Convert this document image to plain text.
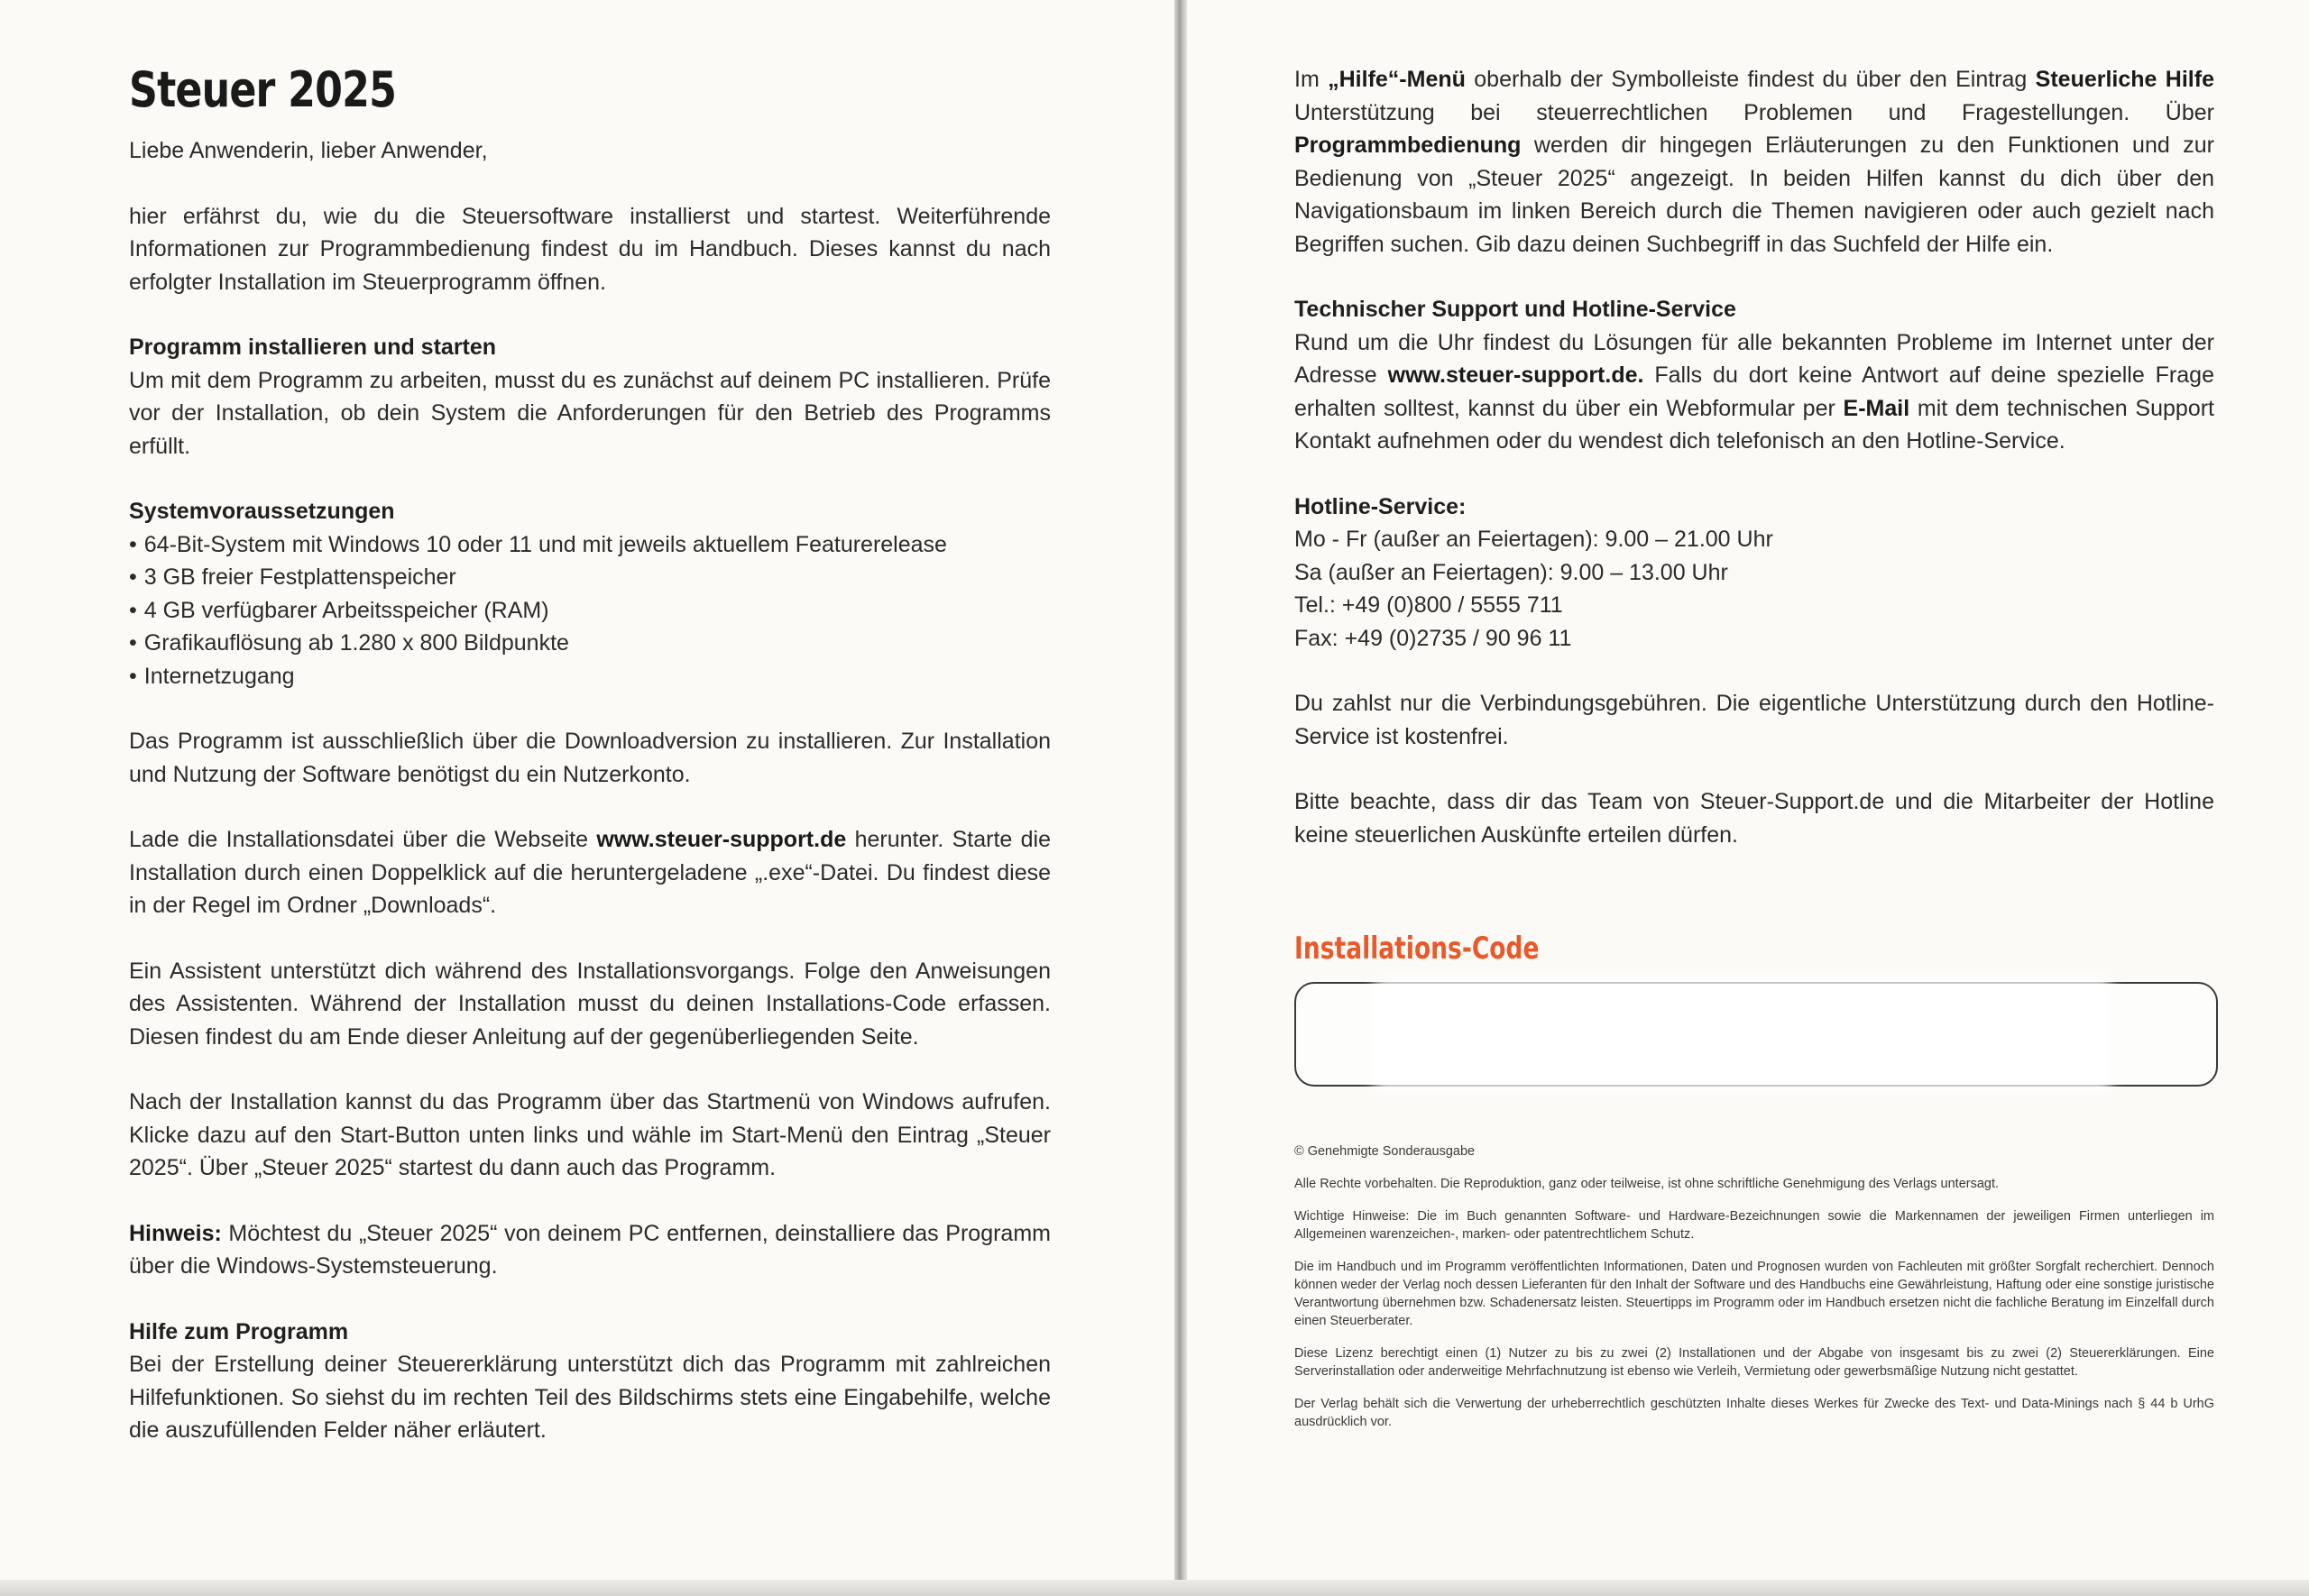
Steuer 2025

Liebe Anwenderin, lieber Anwender,

hier erfährst du, wie du die Steuersoftware installierst und startest. Weiterführende Informationen zur Programmbedienung findest du im Handbuch. Dieses kannst du nach erfolgter Installation im Steuerprogramm öffnen.

Programm installieren und starten

Um mit dem Programm zu arbeiten, musst du es zunächst auf deinem PC installieren. Prüfe vor der Installation, ob dein System die Anforderungen für den Betrieb des Programms erfüllt.

Systemvoraussetzungen

• 64-Bit-System mit Windows 10 oder 11 und mit jeweils aktuellem Featurerelease
• 3 GB freier Festplattenspeicher
• 4 GB verfügbarer Arbeitsspeicher (RAM)
• Grafikauflösung ab 1.280 x 800 Bildpunkte
• Internetzugang

Das Programm ist ausschließlich über die Downloadversion zu installieren. Zur Installation und Nutzung der Software benötigst du ein Nutzerkonto.

Lade die Installationsdatei über die Webseite www.steuer-support.de herunter. Starte die Installation durch einen Doppelklick auf die heruntergeladene „.exe“-Datei. Du findest diese in der Regel im Ordner „Downloads“.

Ein Assistent unterstützt dich während des Installationsvorgangs. Folge den Anweisungen des Assistenten. Während der Installation musst du deinen Installations-Code erfassen. Diesen findest du am Ende dieser Anleitung auf der gegenüberliegenden Seite.

Nach der Installation kannst du das Programm über das Startmenü von Windows aufrufen. Klicke dazu auf den Start-Button unten links und wähle im Start-Menü den Eintrag „Steuer 2025“. Über „Steuer 2025“ startest du dann auch das Programm.

Hinweis: Möchtest du „Steuer 2025“ von deinem PC entfernen, deinstalliere das Programm über die Windows-Systemsteuerung.

Hilfe zum Programm

Bei der Erstellung deiner Steuererklärung unterstützt dich das Programm mit zahlreichen Hilfefunktionen. So siehst du im rechten Teil des Bildschirms stets eine Eingabehilfe, welche die auszufüllenden Felder näher erläutert.

Im „Hilfe“-Menü oberhalb der Symbolleiste findest du über den Eintrag Steuerliche Hilfe Unterstützung bei steuerrechtlichen Problemen und Fragestellungen. Über Programmbedienung werden dir hingegen Erläuterungen zu den Funktionen und zur Bedienung von „Steuer 2025“ angezeigt. In beiden Hilfen kannst du dich über den Navigationsbaum im linken Bereich durch die Themen navigieren oder auch gezielt nach Begriffen suchen. Gib dazu deinen Suchbegriff in das Suchfeld der Hilfe ein.

Technischer Support und Hotline-Service

Rund um die Uhr findest du Lösungen für alle bekannten Probleme im Internet unter der Adresse www.steuer-support.de. Falls du dort keine Antwort auf deine spezielle Frage erhalten solltest, kannst du über ein Webformular per E-Mail mit dem technischen Support Kontakt aufnehmen oder du wendest dich telefonisch an den Hotline-Service.

Hotline-Service:

Mo - Fr (außer an Feiertagen): 9.00 – 21.00 Uhr

Sa (außer an Feiertagen): 9.00 – 13.00 Uhr

Tel.: +49 (0)800 / 5555 711

Fax: +49 (0)2735 / 90 96 11

Du zahlst nur die Verbindungsgebühren. Die eigentliche Unterstützung durch den Hotline-Service ist kostenfrei.

Bitte beachte, dass dir das Team von Steuer-Support.de und die Mitarbeiter der Hotline keine steuerlichen Auskünfte erteilen dürfen.

Installations-Code

© Genehmigte Sonderausgabe

Alle Rechte vorbehalten. Die Reproduktion, ganz oder teilweise, ist ohne schriftliche Genehmigung des Verlags untersagt.

Wichtige Hinweise: Die im Buch genannten Software- und Hardware-Bezeichnungen sowie die Markennamen der jeweiligen Firmen unterliegen im Allgemeinen warenzeichen-, marken- oder patentrechtlichem Schutz.

Die im Handbuch und im Programm veröffentlichten Informationen, Daten und Prognosen wurden von Fachleuten mit größter Sorgfalt recherchiert. Dennoch können weder der Verlag noch dessen Lieferanten für den Inhalt der Software und des Handbuchs eine Gewährleistung, Haftung oder eine sonstige juristische Verantwortung übernehmen bzw. Schadenersatz leisten. Steuertipps im Programm oder im Handbuch ersetzen nicht die fachliche Beratung im Einzelfall durch einen Steuerberater.

Diese Lizenz berechtigt einen (1) Nutzer zu bis zu zwei (2) Installationen und der Abgabe von insgesamt bis zu zwei (2) Steuererklärungen. Eine Serverinstallation oder anderweitige Mehrfachnutzung ist ebenso wie Verleih, Vermietung oder gewerbsmäßige Nutzung nicht gestattet.

Der Verlag behält sich die Verwertung der urheberrechtlich geschützten Inhalte dieses Werkes für Zwecke des Text- und Data-Minings nach § 44 b UrhG ausdrücklich vor.
